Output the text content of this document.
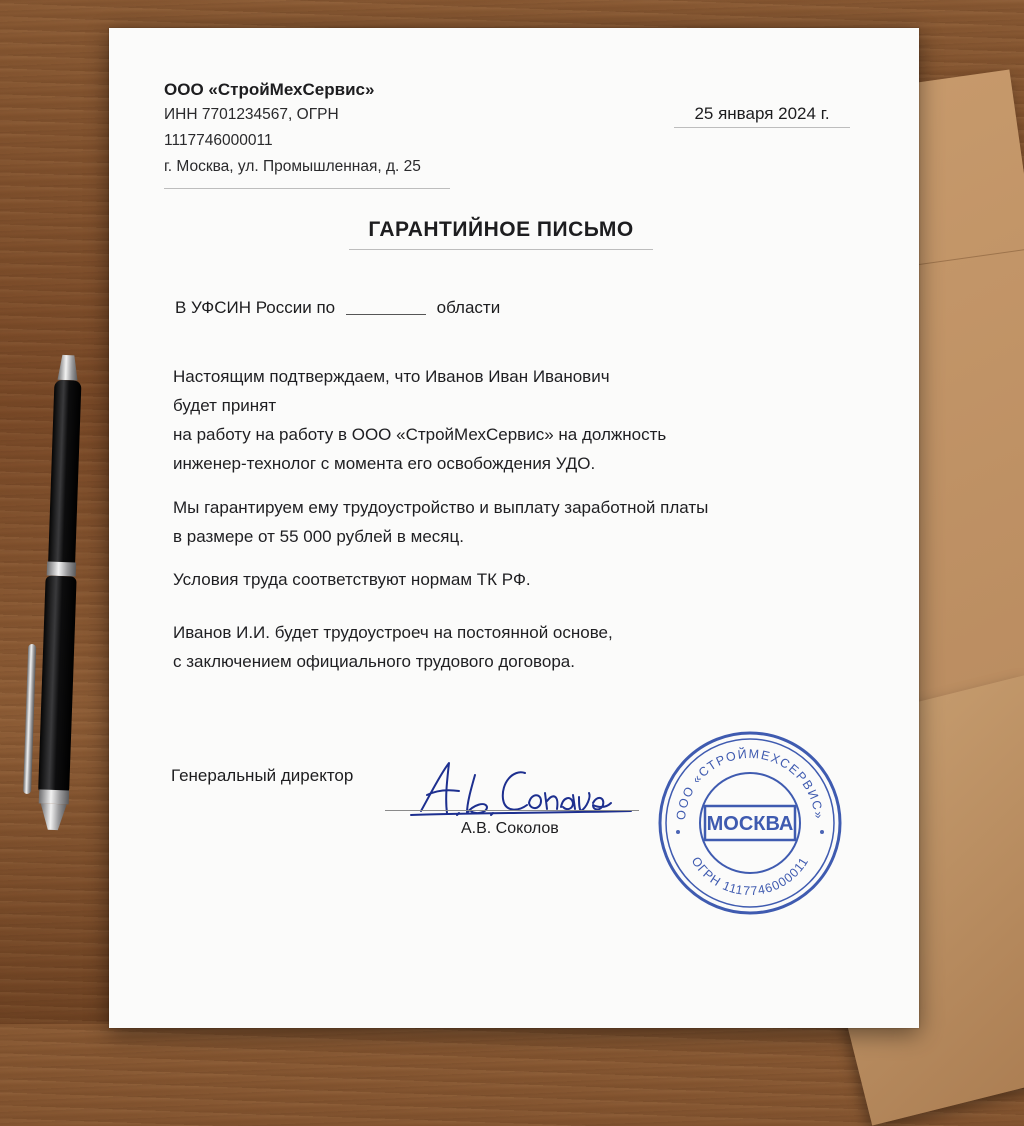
ООО «СтройМехСервис»
ИНН 7701234567, ОГРН 1117746000011
г. Москва, ул. Промышленная, д. 25
25 января 2024 г.
ГАРАНТИЙНОЕ ПИСЬМО
В УФСИН России по	области
Настоящим подтверждаем, что Иванов Иван Иванович
будет принят
на работу на работу в ООО «СтройМехСервис» на должность
инженер-технолог с момента его освобождения УДО.
Мы гарантируем ему трудоустройство и выплату заработной платы
в размере от 55 000 рублей в месяц.
Условия труда соответствуют нормам ТК РФ.
Иванов И.И. будет трудоустроеч на постоянной основе,
с заключением официального трудового договора.
Генеральный директор
А.В. Соколов
ООО «СТРОЙМЕХСЕРВИС»
ОГРН 1117746000011
МОСКВА
